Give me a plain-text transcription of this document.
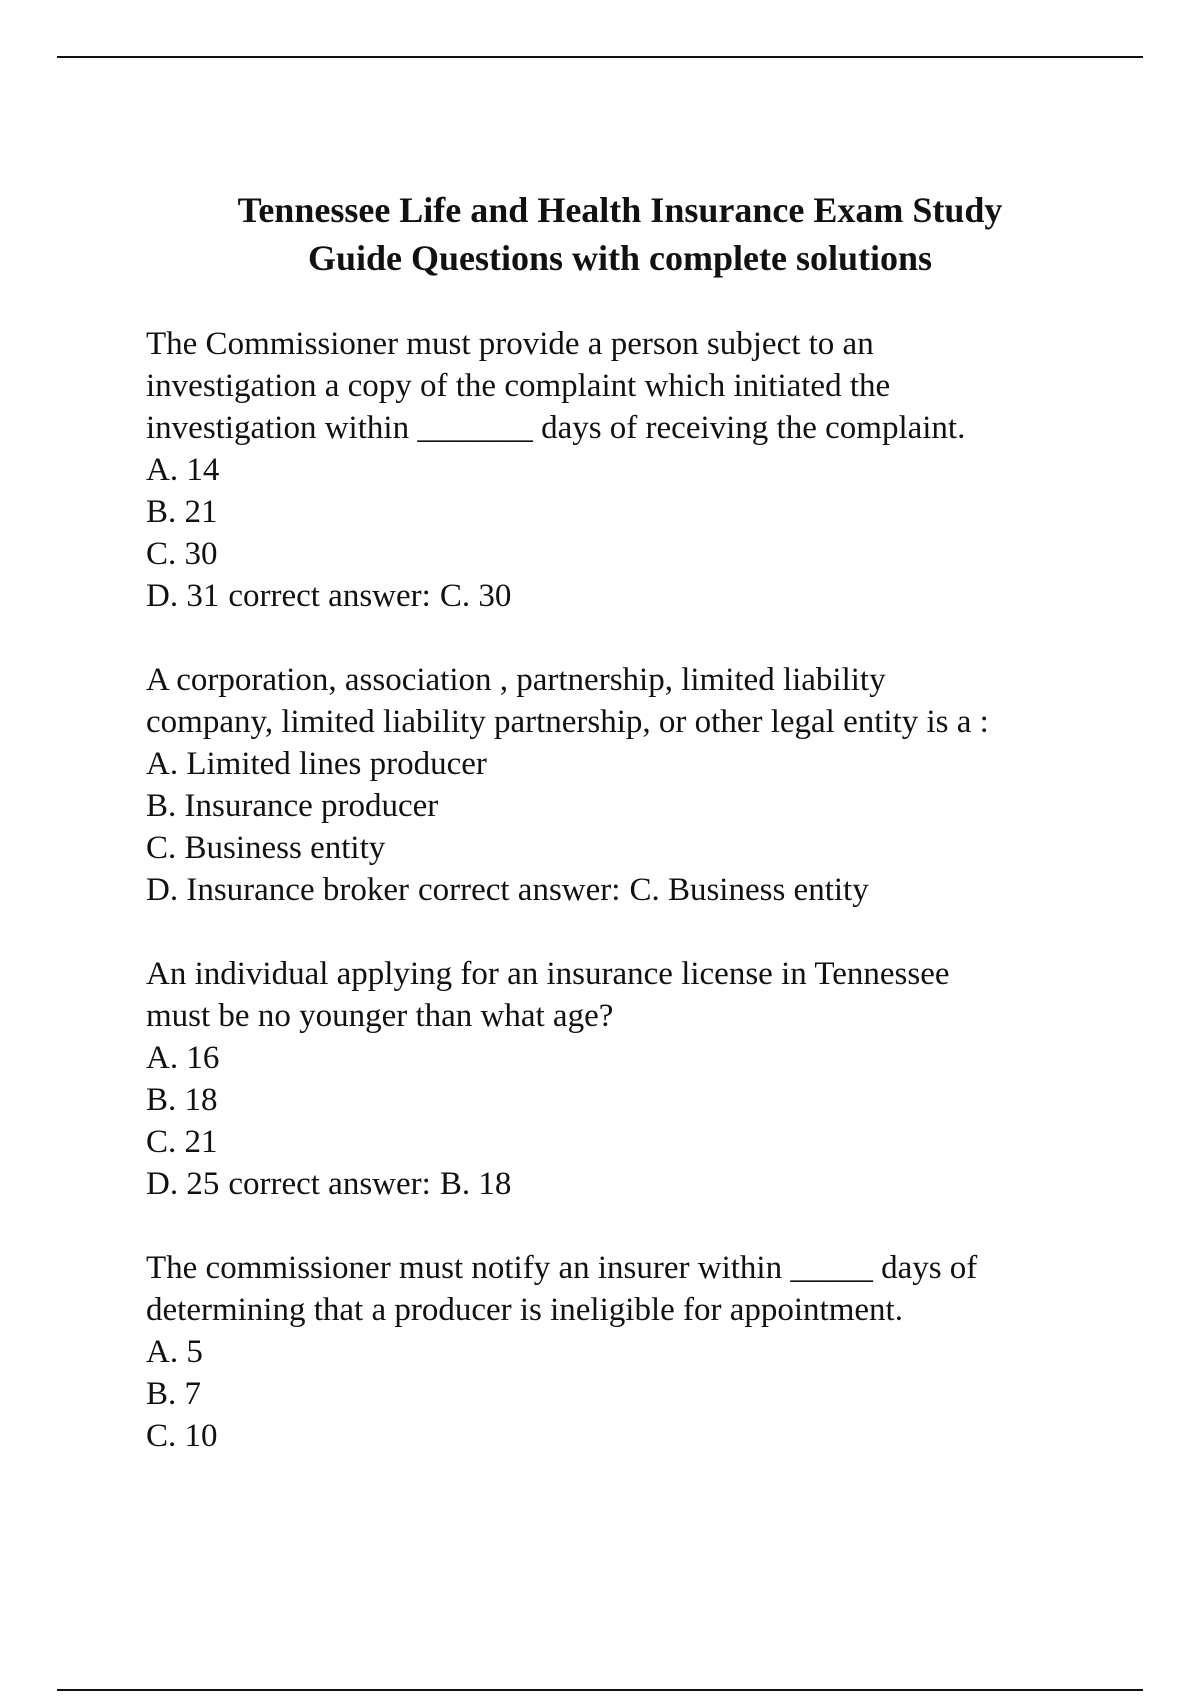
Tennessee Life and Health Insurance Exam Study
Guide Questions with complete solutions
The Commissioner must provide a person subject to an
investigation a copy of the complaint which initiated the
investigation within _______ days of receiving the complaint.
A. 14
B. 21
C. 30
D. 31 correct answer: C. 30
A corporation, association , partnership, limited liability
company, limited liability partnership, or other legal entity is a :
A. Limited lines producer
B. Insurance producer
C. Business entity
D. Insurance broker correct answer: C. Business entity
An individual applying for an insurance license in Tennessee
must be no younger than what age?
A. 16
B. 18
C. 21
D. 25 correct answer: B. 18
The commissioner must notify an insurer within _____ days of
determining that a producer is ineligible for appointment.
A. 5
B. 7
C. 10
